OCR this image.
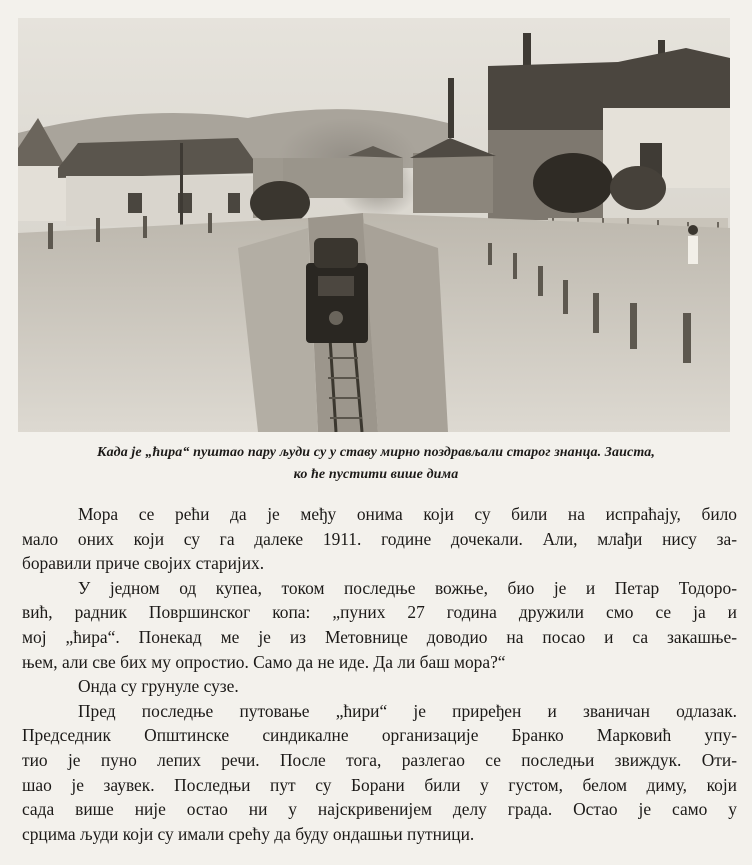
Када је „ћира“ пуштао пару људи су у ставу мирно поздрављали старог знанца. Заиста,
ко ће пустити више дима

Мора се рећи да је међу онима који су били на испраћају, било
мало оних који су га далеке 1911. године дочекали. Али, млађи нису за-
боравили приче својих старијих.

У једном од купеа, током последње вожње, био је и Петар Тодоро-
вић, радник Површинског копа: „пуних 27 година дружили смо се ја и
мој „ћира“. Понекад ме је из Метовнице доводио на посао и са закашње-
њем, али све бих му опростио. Само да не иде. Да ли баш мора?“

Онда су грунуле сузе.

Пред последње путовање „ћири“ је приређен и званичан одлазак.
Председник Општинске синдикалне организације Бранко Марковић упу-
тио је пуно лепих речи. После тога, разлегао се последњи звиждук. Оти-
шао је заувек. Последњи пут су Борани били у густом, белом диму, који
сада више није остао ни у најскривенијем делу града. Остао је само у
срцима људи који су имали срећу да буду ондашњи путници.
